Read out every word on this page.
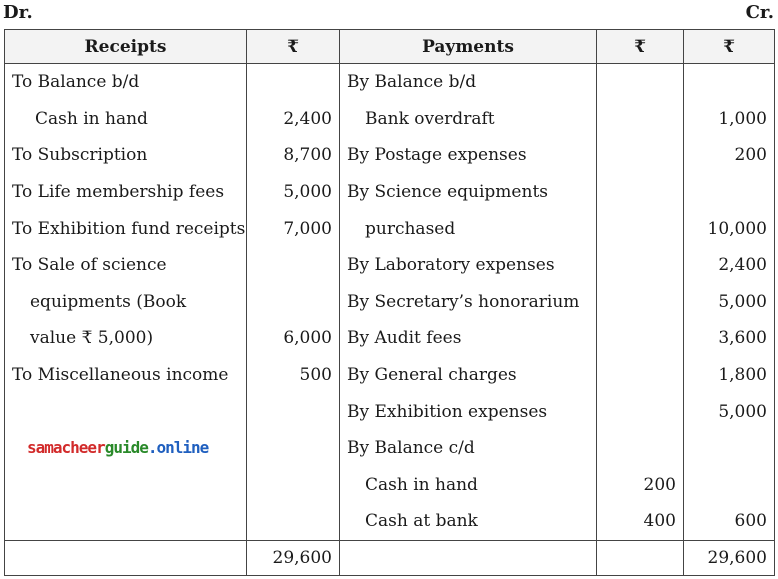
Dr.	Cr.
Receipts	₹	Payments	₹	₹
To Balance b/d		By Balance b/d		
Cash in hand	2,400	Bank overdraft		1,000
To Subscription	8,700	By Postage expenses		200
To Life membership fees	5,000	By Science equipments		
To Exhibition fund receipts	7,000	purchased		10,000
To Sale of science		By Laboratory expenses		2,400
equipments (Book		By Secretary’s honorarium		5,000
value ₹ 5,000)	6,000	By Audit fees		3,600
To Miscellaneous income	500	By General charges		1,800
		By Exhibition expenses		5,000
samacheerguide.online		By Balance c/d		
		Cash in hand	200	
		Cash at bank	400	600
	29,600			29,600
